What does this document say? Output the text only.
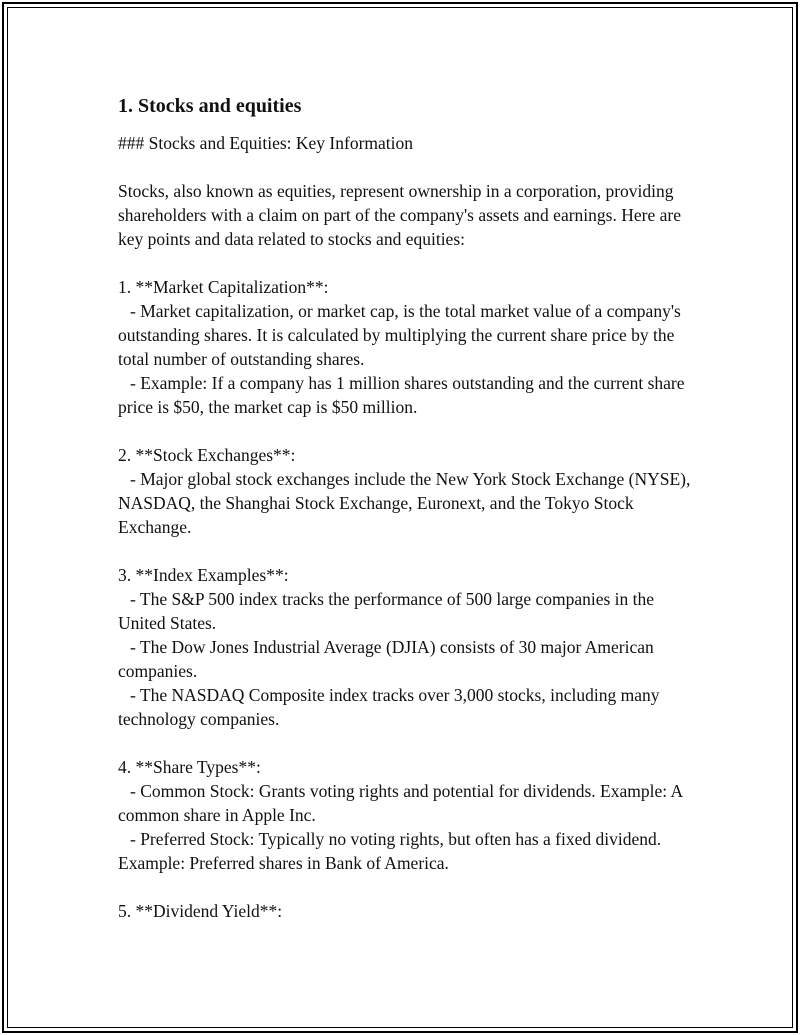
1. Stocks and equities
### Stocks and Equities: Key Information
Stocks, also known as equities, represent ownership in a corporation, providing shareholders with a claim on part of the company's assets and earnings. Here are key points and data related to stocks and equities:
1. **Market Capitalization**:
- Market capitalization, or market cap, is the total market value of a company's outstanding shares. It is calculated by multiplying the current share price by the total number of outstanding shares.
- Example: If a company has 1 million shares outstanding and the current share price is $50, the market cap is $50 million.
2. **Stock Exchanges**:
- Major global stock exchanges include the New York Stock Exchange (NYSE), NASDAQ, the Shanghai Stock Exchange, Euronext, and the Tokyo Stock Exchange.
3. **Index Examples**:
- The S&P 500 index tracks the performance of 500 large companies in the United States.
- The Dow Jones Industrial Average (DJIA) consists of 30 major American companies.
- The NASDAQ Composite index tracks over 3,000 stocks, including many technology companies.
4. **Share Types**:
- Common Stock: Grants voting rights and potential for dividends. Example: A common share in Apple Inc.
- Preferred Stock: Typically no voting rights, but often has a fixed dividend. Example: Preferred shares in Bank of America.
5. **Dividend Yield**:
